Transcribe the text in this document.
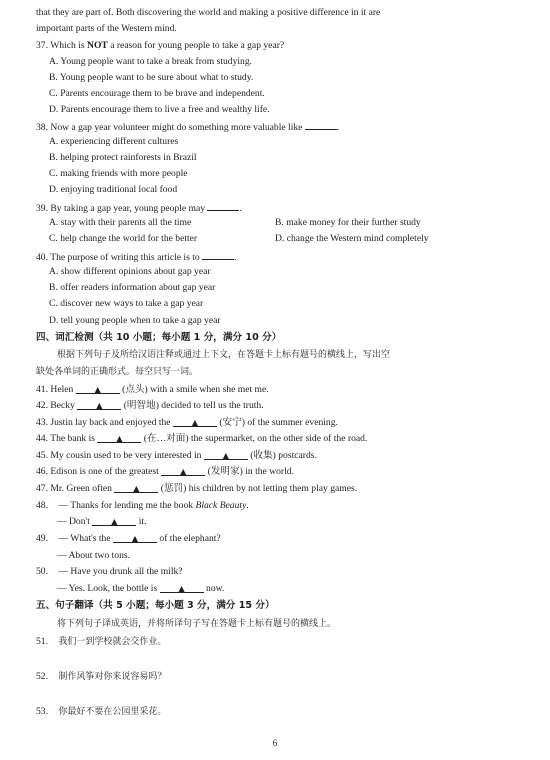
that they are part of. Both discovering the world and making a positive difference in it are
important parts of the Western mind.
37. Which is NOT a reason for young people to take a gap year?
A. Young people want to take a break from studying.
B. Young people want to be sure about what to study.
C. Parents encourage them to be brave and independent.
D. Parents encourage them to live a free and wealthy life.
38. Now a gap year volunteer might do something more valuable like	.
A. experiencing different cultures
B. helping protect rainforests in Brazil
C. making friends with more people
D. enjoying traditional local food
39. By taking a gap year, young people may	.
A. stay with their parents all the time	B. make money for their further study
C. help change the world for the better	D. change the Western mind completely
40. The purpose of writing this article is to	.
A. show different opinions about gap year
B. offer readers information about gap year
C. discover new ways to take a gap year
D. tell young people when to take a gap year
四、词汇检测（共 10 小题；每小题 1 分，满分 10 分）
根据下列句子及所给汉语注释或通过上下文，在答题卡上标有题号的横线上，写出空
缺处各单词的正确形式。每空只写一词。
41. Helen	▲ (点头) with a smile when she met me.
42. Becky	▲ (明智地) decided to tell us the truth.
43. Justin lay back and enjoyed the	▲ (安宁) of the summer evening.
44. The bank is	▲ (在…对面) the supermarket, on the other side of the road.
45. My cousin used to be very interested in	▲ (收集) postcards.
46. Edison is one of the greatest	▲ (发明家) in the world.
47. Mr. Green often	▲ (惩罚) his children by not letting them play games.
48. — Thanks for lending me the book Black Beauty.
— Don't	▲ it.
49. — What's the	▲ of the elephant?
— About two tons.
50. — Have you drunk all the milk?
— Yes. Look, the bottle is	▲ now.
五、句子翻译（共 5 小题；每小题 3 分，满分 15 分）
将下列句子译成英语，并将所译句子写在答题卡上标有题号的横线上。
51. 我们一到学校就会交作业。
52. 制作风筝对你来说容易吗？
53. 你最好不要在公园里采花。
6
